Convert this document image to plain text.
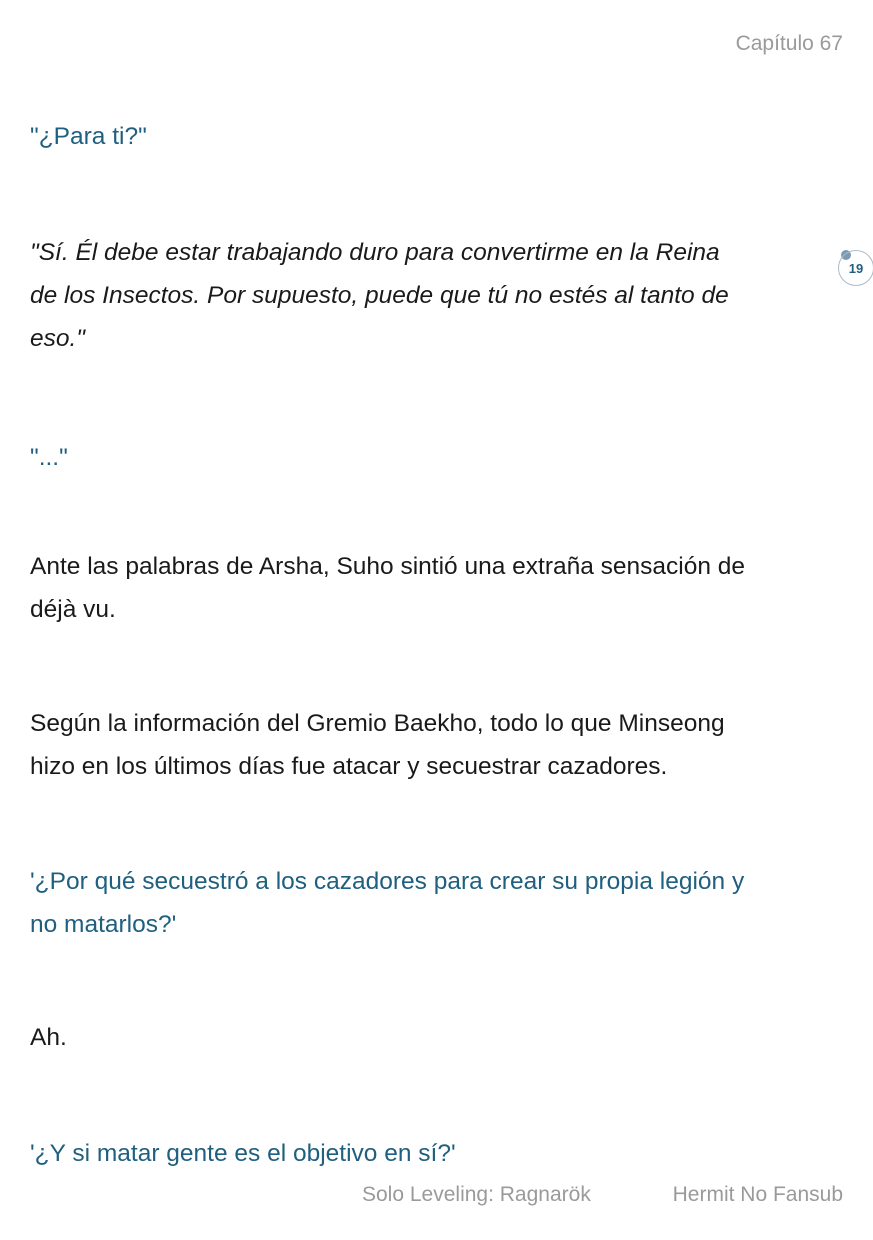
Capítulo 67
"¿Para ti?"
"Sí. Él debe estar trabajando duro para convertirme en la Reina
de los Insectos. Por supuesto, puede que tú no estés al tanto de
eso."
19
"..."
Ante las palabras de Arsha, Suho sintió una extraña sensación de
déjà vu.
Según la información del Gremio Baekho, todo lo que Minseong
hizo en los últimos días fue atacar y secuestrar cazadores.
'¿Por qué secuestró a los cazadores para crear su propia legión y
no matarlos?'
Ah.
'¿Y si matar gente es el objetivo en sí?'
Solo Leveling: Ragnarök	Hermit No Fansub
